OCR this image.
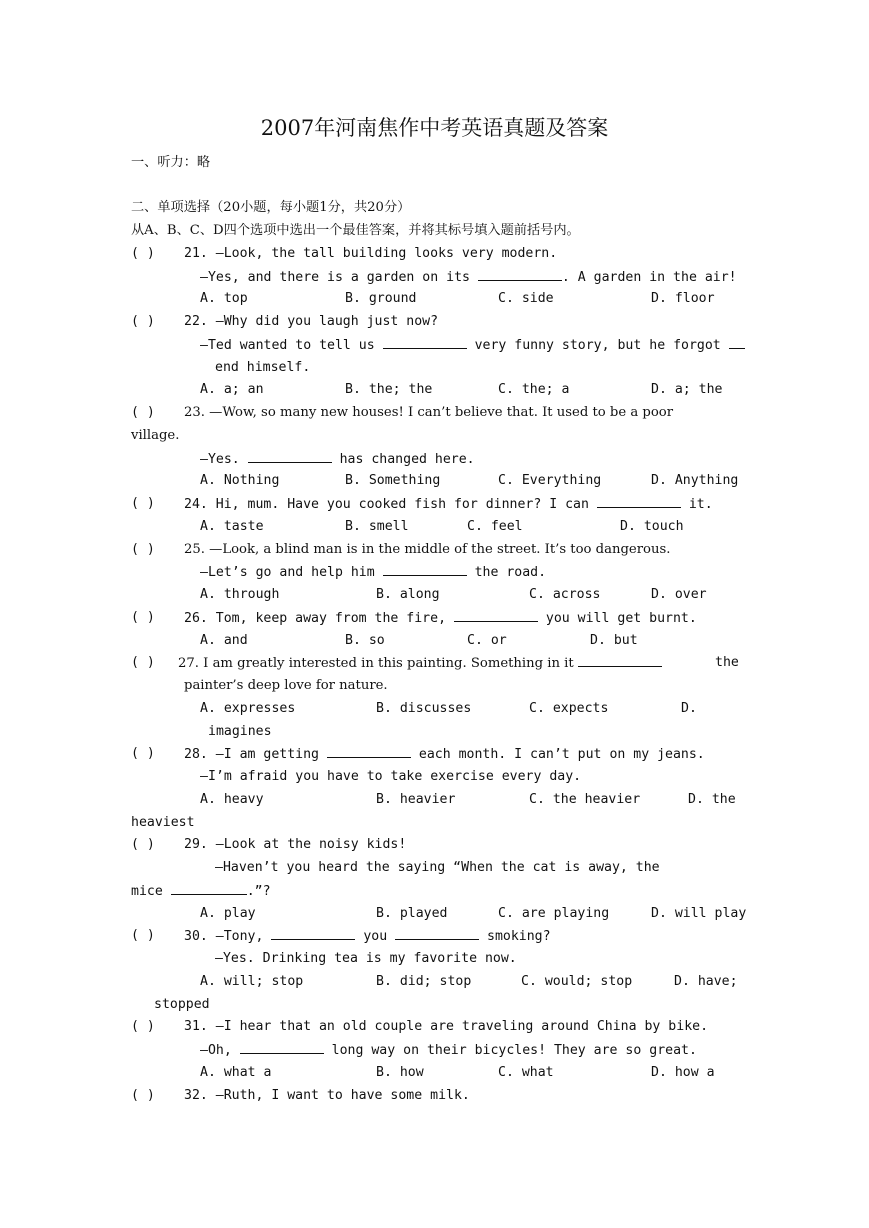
2007年河南焦作中考英语真题及答案
一、听力：略
二、单项选择（20小题，每小题1分，共20分）
从A、B、C、D四个选项中选出一个最佳答案，并将其标号填入题前括号内。
( ) 21. —Look, the tall building looks very modern.
—Yes, and there is a garden on its	. A garden in the air!
A. top	B. ground	C. side	D. floor
( ) 22. —Why did you laugh just now?
—Ted wanted to tell us	very funny story, but he forgot
end himself.
A. a; an	B. the; the	C. the; a	D. a; the
( ) 23. —Wow, so many new houses! I can’t believe that. It used to be a poor
village.
—Yes.	has changed here.
A. Nothing	B. Something	C. Everything	D. Anything
( ) 24. Hi, mum. Have you cooked fish for dinner? I can	it.
A. taste	B. smell	C. feel	D. touch
( ) 25. —Look, a blind man is in the middle of the street. It’s too dangerous.
—Let’s go and help him	the road.
A. through	B. along	C. across	D. over
( ) 26. Tom, keep away from the fire,	you will get burnt.
A. and	B. so	C. or	D. but
( ) 27. I am greatly interested in this painting. Something in it	the
painter’s deep love for nature.
A. expresses	B. discusses	C. expects	D.
imagines
( ) 28. —I am getting	each month. I can’t put on my jeans.
—I’m afraid you have to take exercise every day.
A. heavy	B. heavier	C. the heavier	D. the
heaviest
( ) 29. —Look at the noisy kids!
—Haven’t you heard the saying “When the cat is away, the
mice	.”?
A. play	B. played	C. are playing	D. will play
( ) 30. —Tony,	you	smoking?
—Yes. Drinking tea is my favorite now.
A. will; stop	B. did; stop	C. would; stop	D. have;
stopped
( ) 31. —I hear that an old couple are traveling around China by bike.
—Oh,	long way on their bicycles! They are so great.
A. what a	B. how	C. what	D. how a
( ) 32. —Ruth, I want to have some milk.
